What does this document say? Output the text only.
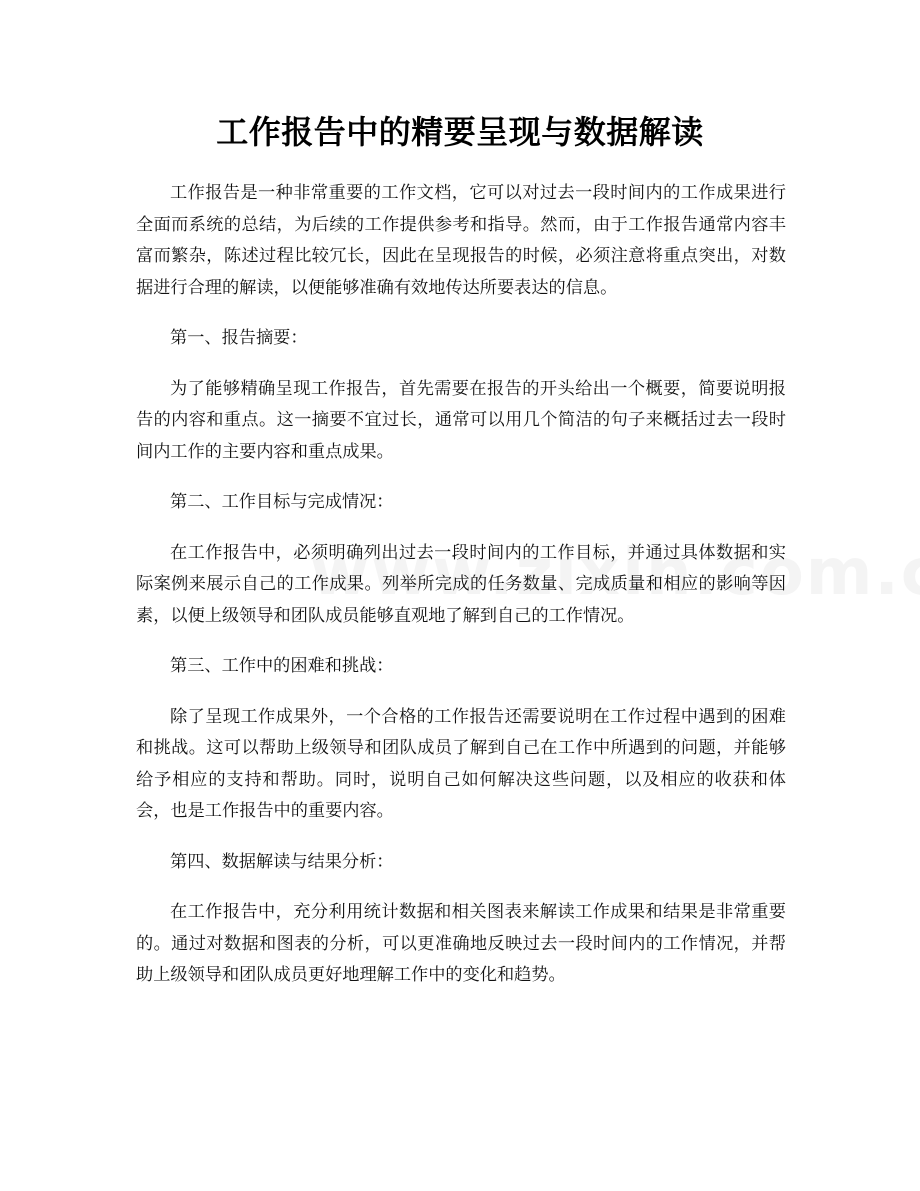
工作报告中的精要呈现与数据解读

工作报告是一种非常重要的工作文档，它可以对过去一段时间内的工作成果进行全面而系统的总结，为后续的工作提供参考和指导。然而，由于工作报告通常内容丰富而繁杂，陈述过程比较冗长，因此在呈现报告的时候，必须注意将重点突出，对数据进行合理的解读，以便能够准确有效地传达所要表达的信息。

第一、报告摘要：

为了能够精确呈现工作报告，首先需要在报告的开头给出一个概要，简要说明报告的内容和重点。这一摘要不宜过长，通常可以用几个简洁的句子来概括过去一段时间内工作的主要内容和重点成果。

第二、工作目标与完成情况：

在工作报告中，必须明确列出过去一段时间内的工作目标，并通过具体数据和实际案例来展示自己的工作成果。列举所完成的任务数量、完成质量和相应的影响等因素，以便上级领导和团队成员能够直观地了解到自己的工作情况。

第三、工作中的困难和挑战：

除了呈现工作成果外，一个合格的工作报告还需要说明在工作过程中遇到的困难和挑战。这可以帮助上级领导和团队成员了解到自己在工作中所遇到的问题，并能够给予相应的支持和帮助。同时，说明自己如何解决这些问题，以及相应的收获和体会，也是工作报告中的重要内容。

第四、数据解读与结果分析：

在工作报告中，充分利用统计数据和相关图表来解读工作成果和结果是非常重要的。通过对数据和图表的分析，可以更准确地反映过去一段时间内的工作情况，并帮助上级领导和团队成员更好地理解工作中的变化和趋势。
